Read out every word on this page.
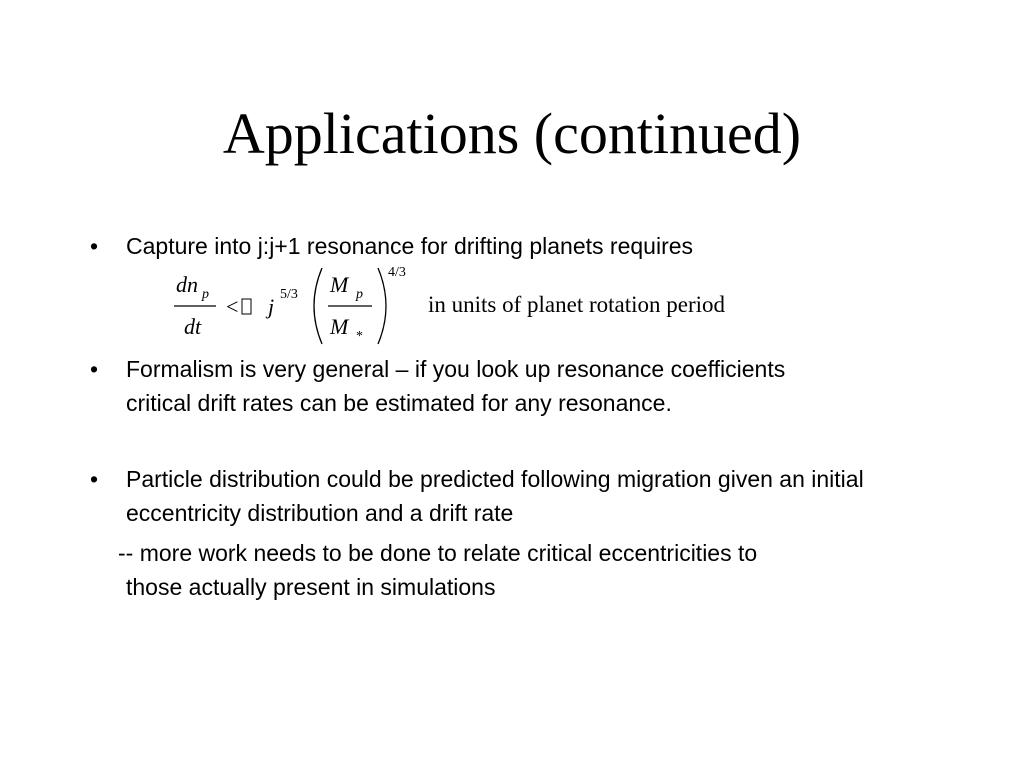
Applications (continued)
• Capture into j:j+1 resonance for drifting planets requires
dn p
dt
< j 5/3 M p
M *
4/3
in units of planet rotation period
• Formalism is very general – if you look up resonance coefficients critical drift rates can be estimated for any resonance.
• Particle distribution could be predicted following migration given an initial eccentricity distribution and a drift rate
-- more work needs to be done to relate critical eccentricities to
those actually present in simulations
